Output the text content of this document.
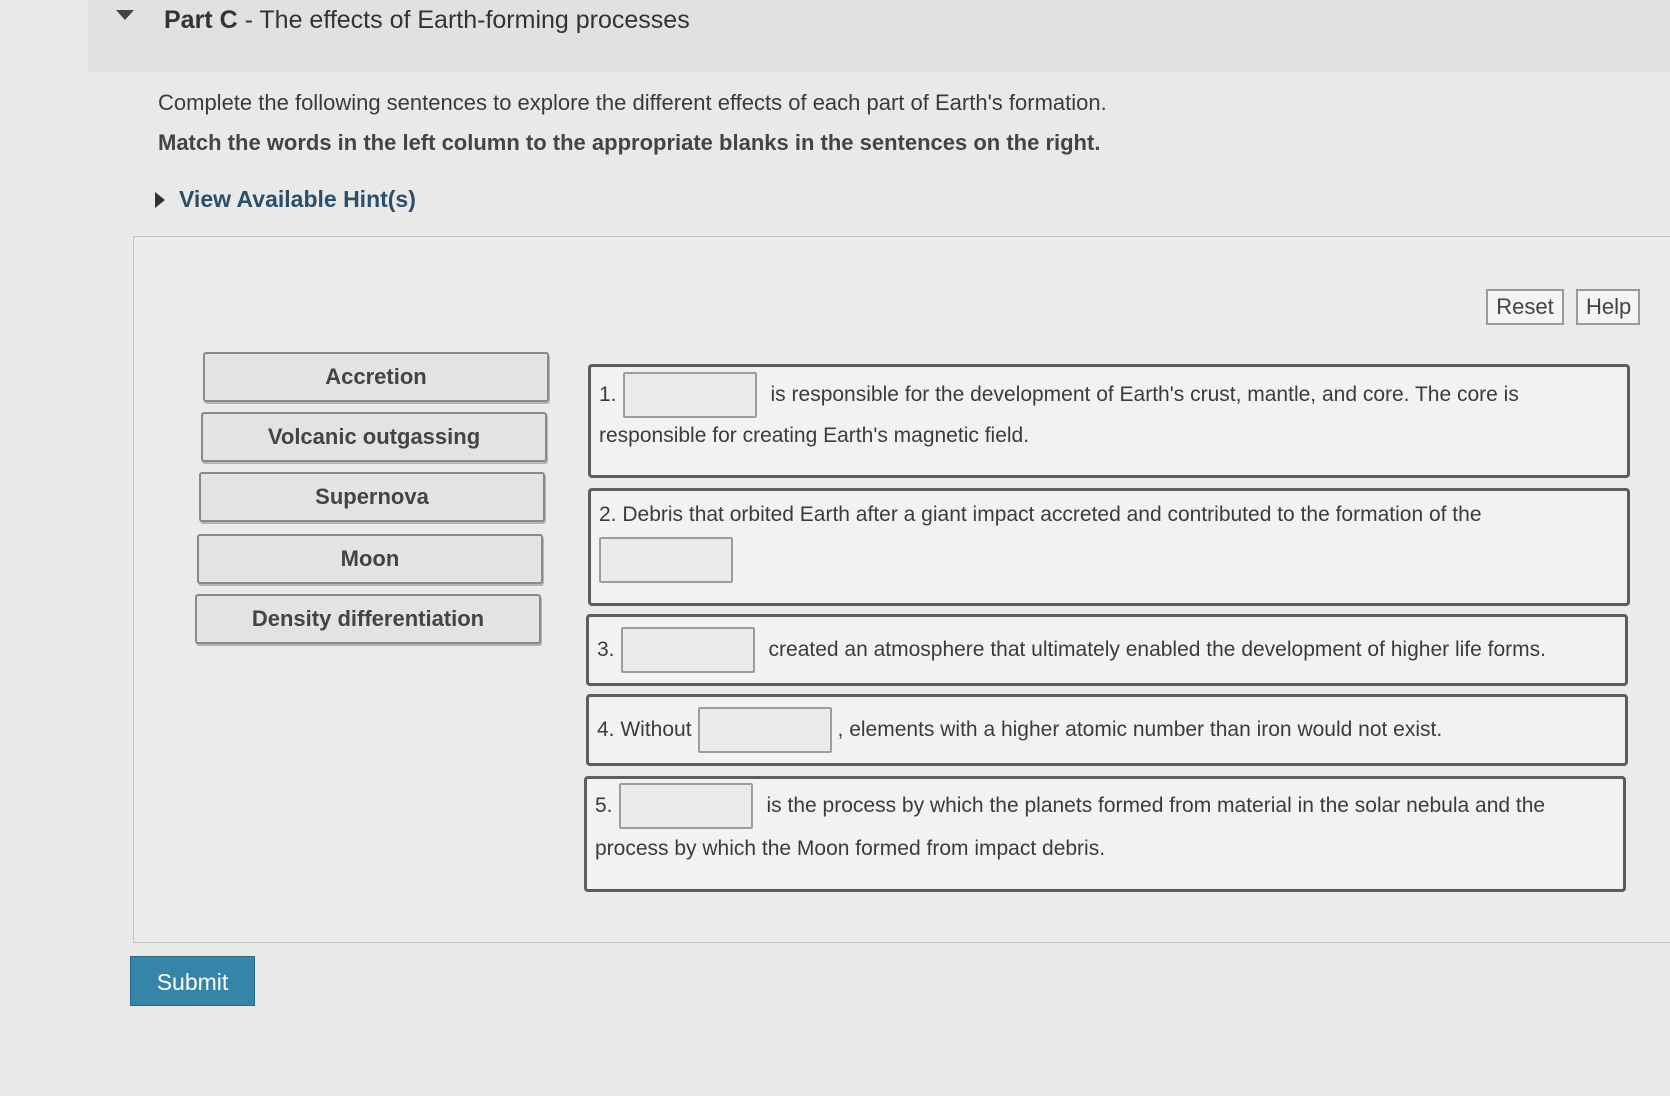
Part C - The effects of Earth-forming processes
Complete the following sentences to explore the different effects of each part of Earth's formation.
Match the words in the left column to the appropriate blanks in the sentences on the right.
View Available Hint(s)
Reset	Help
Accretion
Volcanic outgassing
Supernova
Moon
Density differentiation
1.	is responsible for the development of Earth's crust, mantle, and core. The core is
responsible for creating Earth's magnetic field.
2. Debris that orbited Earth after a giant impact accreted and contributed to the formation of the
3.	created an atmosphere that ultimately enabled the development of higher life forms.
4. Without	, elements with a higher atomic number than iron would not exist.
5.	is the process by which the planets formed from material in the solar nebula and the
process by which the Moon formed from impact debris.
Submit
